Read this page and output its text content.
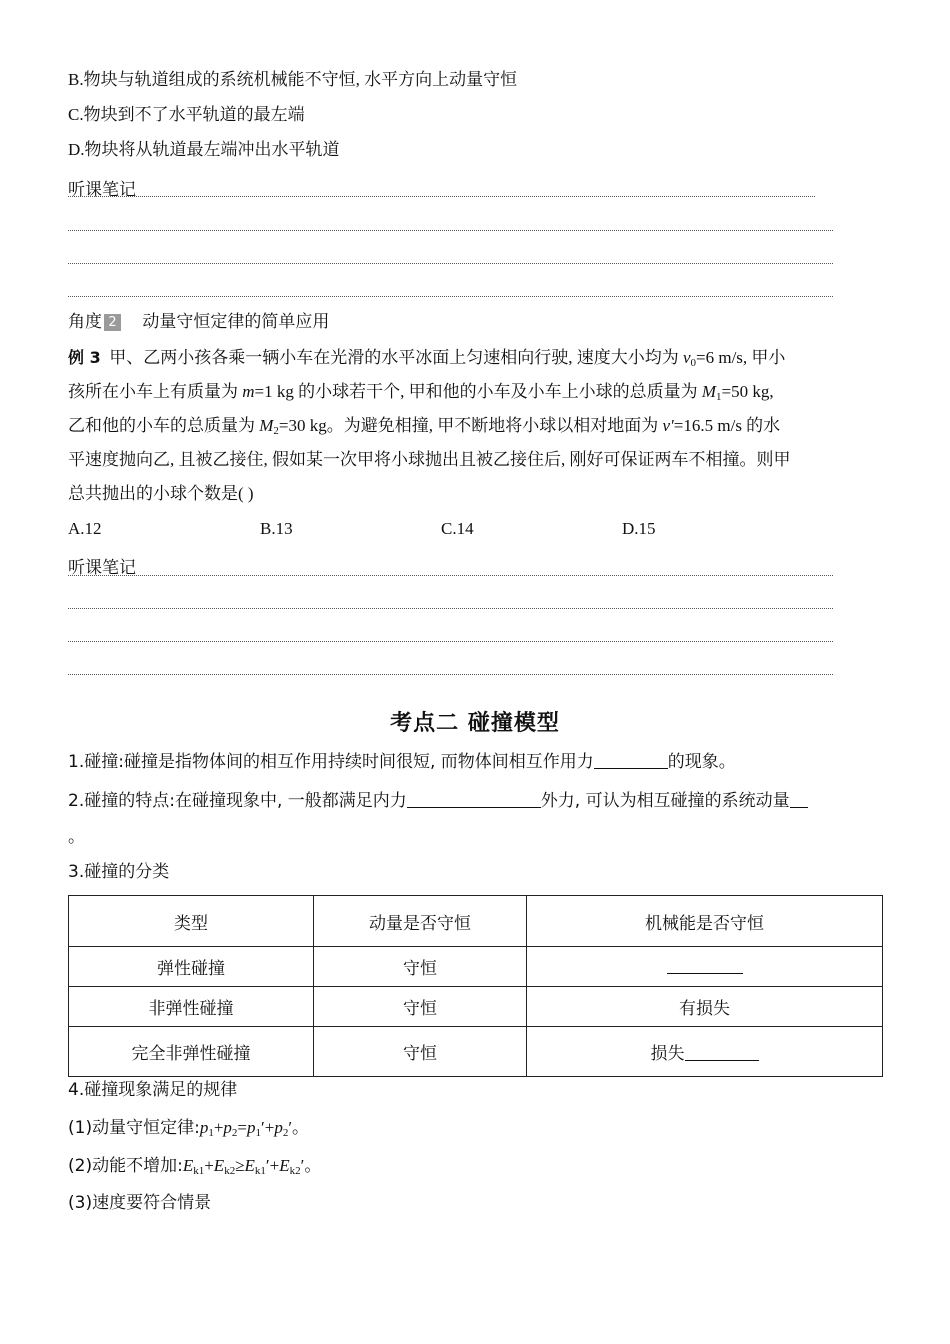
B.物块与轨道组成的系统机械能不守恒, 水平方向上动量守恒
C.物块到不了水平轨道的最左端
D.物块将从轨道最左端冲出水平轨道
听课笔记
角度 2 动量守恒定律的简单应用
例 3 甲、乙两小孩各乘一辆小车在光滑的水平冰面上匀速相向行驶, 速度大小均为 $v_0=6$ m/s, 甲小
孩所在小车上有质量为 m=1 kg 的小球若干个, 甲和他的小车及小车上小球的总质量为 $M_1=50$ kg,
乙和他的小车的总质量为 $M_2=30$ kg。为避免相撞, 甲不断地将小球以相对地面为 v′=16.5 m/s 的水
平速度抛向乙, 且被乙接住, 假如某一次甲将小球抛出且被乙接住后, 刚好可保证两车不相撞。则甲
总共抛出的小球个数是( )
A.12	B.13	C.14	D.15
听课笔记
考点二 碰撞模型
1.碰撞:碰撞是指物体间的相互作用持续时间很短, 而物体间相互作用力	的现象。
2.碰撞的特点:在碰撞现象中, 一般都满足内力	外力, 可认为相互碰撞的系统动量
。
3.碰撞的分类
类型	动量是否守恒	机械能是否守恒
弹性碰撞	守恒	
非弹性碰撞	守恒	有损失
完全非弹性碰撞	守恒	损失
4.碰撞现象满足的规律
(1)动量守恒定律$:p_1+p_2=p_1'+p_2'$。
(2)动能不增加$:E_{k1}+E_{k2}\ge E_{k1}'+E_{k2}'$。
(3)速度要符合情景
